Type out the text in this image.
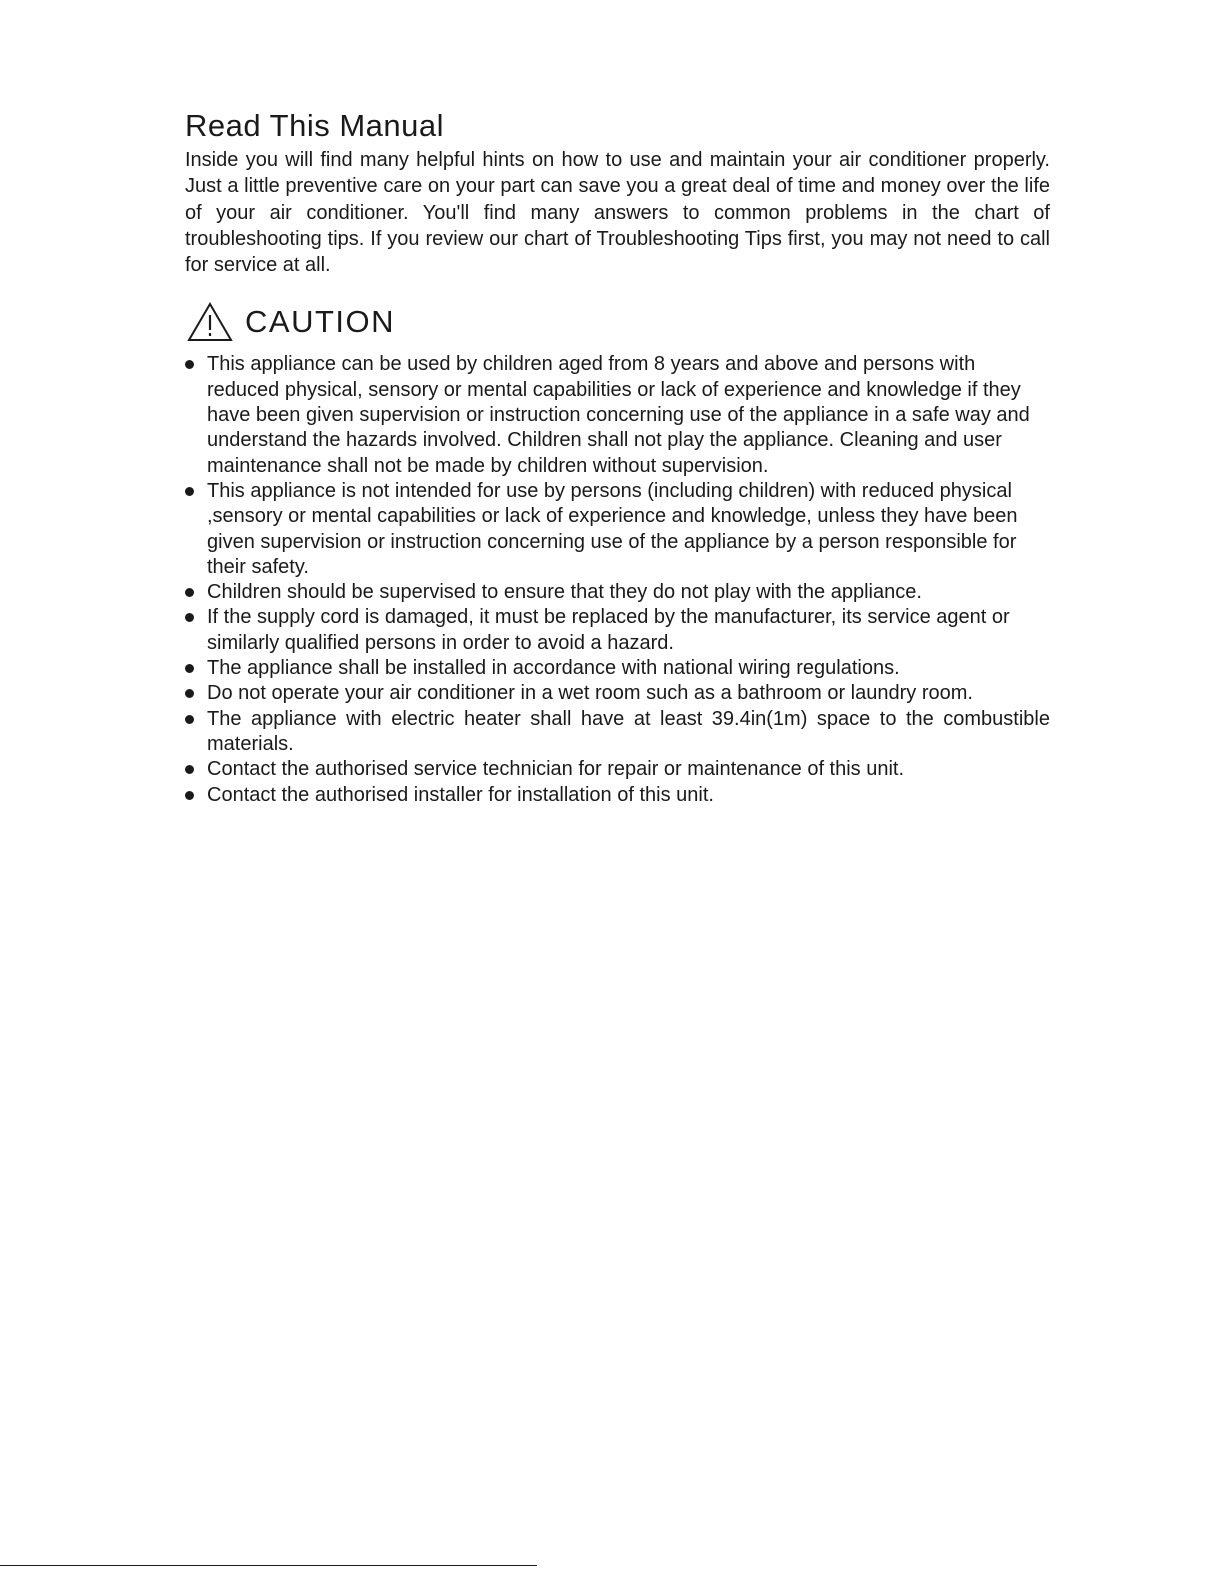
Read This Manual

Inside you will find many helpful hints on how to use and maintain your air conditioner properly. Just a little preventive care on your part can save you a great deal of time and money over the life of your air conditioner. You'll find many answers to common problems in the chart of troubleshooting tips. If you review our chart of Troubleshooting Tips first, you may not need to call for service at all.

CAUTION
This appliance can be used by children aged from 8 years and above and persons with reduced physical, sensory or mental capabilities or lack of experience and knowledge if they have been given supervision or instruction concerning use of the appliance in a safe way and understand the hazards involved. Children shall not play the appliance. Cleaning and user maintenance shall not be made by children without supervision.
This appliance is not intended for use by persons (including children) with reduced physical ,sensory or mental capabilities or lack of experience and knowledge, unless they have been given supervision or instruction concerning use of the appliance by a person responsible for their safety.
Children should be supervised to ensure that they do not play with the appliance.
If the supply cord is damaged, it must be replaced by the manufacturer, its service agent or similarly qualified persons in order to avoid a hazard.
The appliance shall be installed in accordance with national wiring regulations.
Do not operate your air conditioner in a wet room such as a bathroom or laundry room.
The appliance with electric heater shall have at least 39.4in(1m) space to the combustible materials.
Contact the authorised service technician for repair or maintenance of this unit.
Contact the authorised installer for installation of this unit.
